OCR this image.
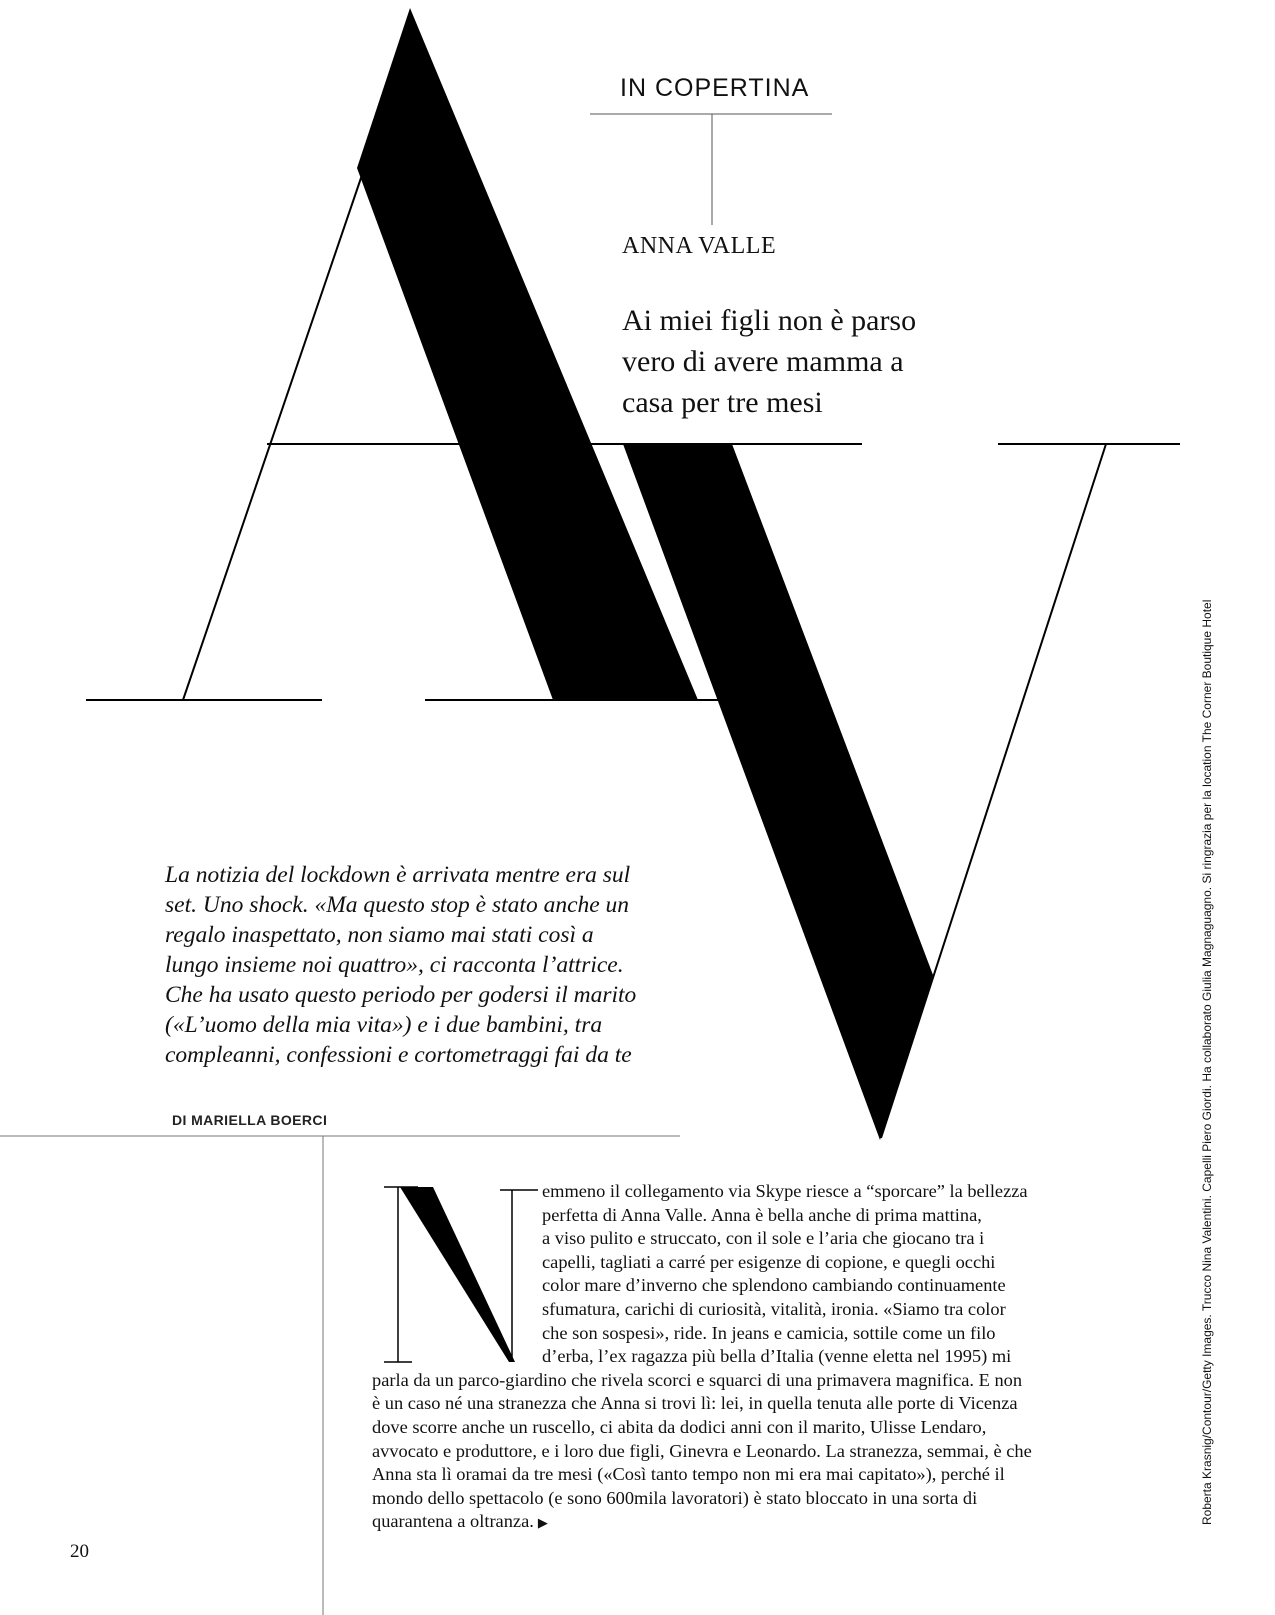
IN COPERTINA
ANNA VALLE
Ai miei figli non è parso
vero di avere mamma a
casa per tre mesi

La notizia del lockdown è arrivata mentre era sul
set. Uno shock. «Ma questo stop è stato anche un
regalo inaspettato, non siamo mai stati così a
lungo insieme noi quattro», ci racconta l’attrice.
Che ha usato questo periodo per godersi il marito
(«L’uomo della mia vita») e i due bambini, tra
compleanni, confessioni e cortometraggi fai da te

DI MARIELLA BOERCI
emmeno il collegamento via Skype riesce a “sporcare” la bellezza
perfetta di Anna Valle. Anna è bella anche di prima mattina,
a viso pulito e struccato, con il sole e l’aria che giocano tra i
capelli, tagliati a carré per esigenze di copione, e quegli occhi
color mare d’inverno che splendono cambiando continuamente
sfumatura, carichi di curiosità, vitalità, ironia. «Siamo tra color
che son sospesi», ride. In jeans e camicia, sottile come un filo
d’erba, l’ex ragazza più bella d’Italia (venne eletta nel 1995) mi
parla da un parco-giardino che rivela scorci e squarci di una primavera magnifica. E non
è un caso né una stranezza che Anna si trovi lì: lei, in quella tenuta alle porte di Vicenza
dove scorre anche un ruscello, ci abita da dodici anni con il marito, Ulisse Lendaro,
avvocato e produttore, e i loro due figli, Ginevra e Leonardo. La stranezza, semmai, è che
Anna sta lì oramai da tre mesi («Così tanto tempo non mi era mai capitato»), perché il
mondo dello spettacolo (e sono 600mila lavoratori) è stato bloccato in una sorta di
quarantena a oltranza. ▶
20
Roberta Krasnig/Contour/Getty Images. Trucco Nina Valentini. Capelli Piero Giordi. Ha collaborato Giulia Magnaguagno. Si ringrazia per la location The Corner Boutique Hotel
